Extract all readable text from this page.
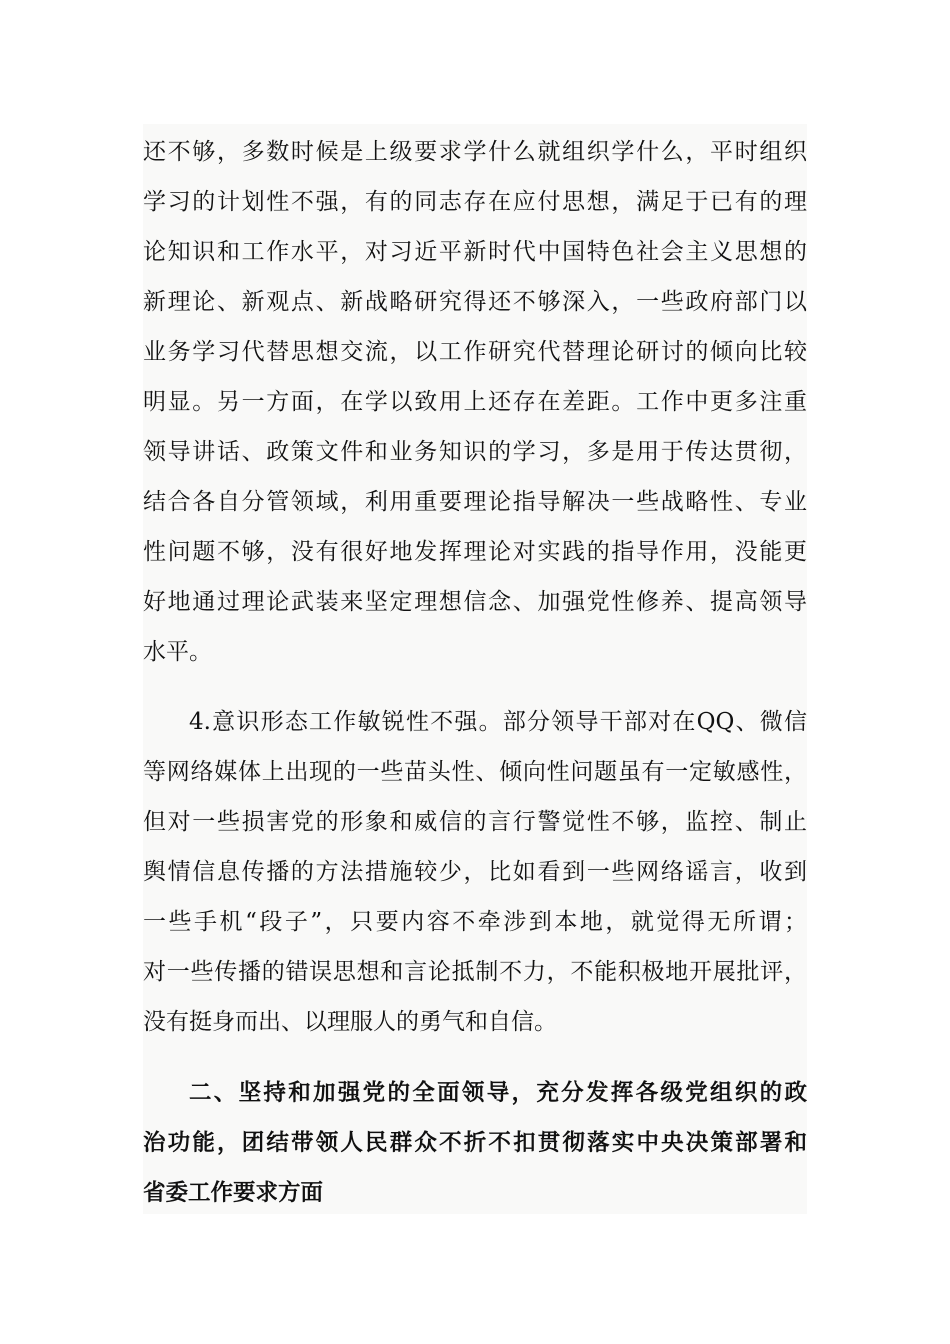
还不够，多数时候是上级要求学什么就组织学什么，平时组织
学习的计划性不强，有的同志存在应付思想，满足于已有的理
论知识和工作水平，对习近平新时代中国特色社会主义思想的
新理论、新观点、新战略研究得还不够深入，一些政府部门以
业务学习代替思想交流，以工作研究代替理论研讨的倾向比较
明显。另一方面，在学以致用上还存在差距。工作中更多注重
领导讲话、政策文件和业务知识的学习，多是用于传达贯彻，
结合各自分管领域，利用重要理论指导解决一些战略性、专业
性问题不够，没有很好地发挥理论对实践的指导作用，没能更
好地通过理论武装来坚定理想信念、加强党性修养、提高领导
水平。
4.意识形态工作敏锐性不强。部分领导干部对在QQ、微信
等网络媒体上出现的一些苗头性、倾向性问题虽有一定敏感性，
但对一些损害党的形象和威信的言行警觉性不够，监控、制止
舆情信息传播的方法措施较少，比如看到一些网络谣言，收到
一些手机“段子”，只要内容不牵涉到本地，就觉得无所谓；
对一些传播的错误思想和言论抵制不力，不能积极地开展批评，
没有挺身而出、以理服人的勇气和自信。
二、坚持和加强党的全面领导，充分发挥各级党组织的政
治功能，团结带领人民群众不折不扣贯彻落实中央决策部署和
省委工作要求方面
